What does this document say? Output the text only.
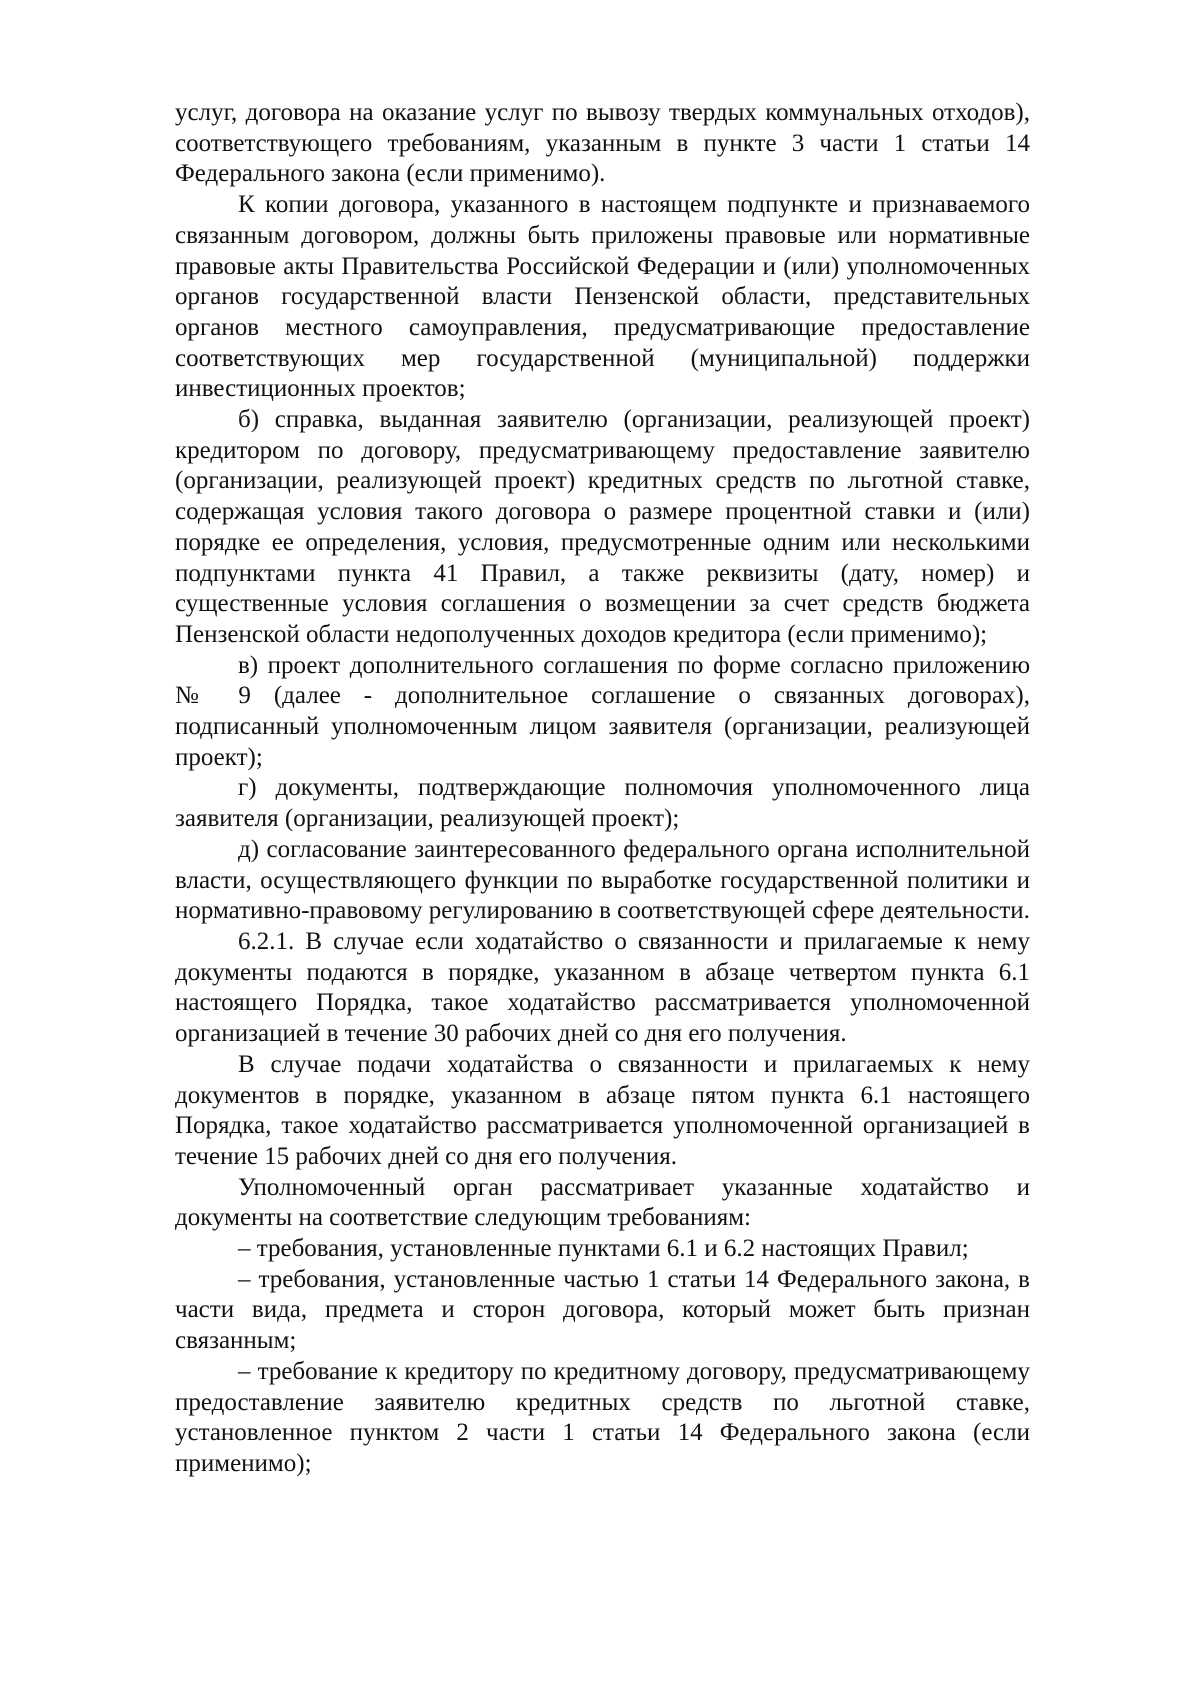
услуг, договора на оказание услуг по вывозу твердых коммунальных отходов), соответствующего требованиям, указанным в пункте 3 части 1 статьи 14 Федерального закона (если применимо).

К копии договора, указанного в настоящем подпункте и признаваемого связанным договором, должны быть приложены правовые или нормативные правовые акты Правительства Российской Федерации и (или) уполномоченных органов государственной власти Пензенской области, представительных органов местного самоуправления, предусматривающие предоставление соответствующих мер государственной (муниципальной) поддержки инвестиционных проектов;

б) справка, выданная заявителю (организации, реализующей проект) кредитором по договору, предусматривающему предоставление заявителю (организации, реализующей проект) кредитных средств по льготной ставке, содержащая условия такого договора о размере процентной ставки и (или) порядке ее определения, условия, предусмотренные одним или несколькими подпунктами пункта 41 Правил, а также реквизиты (дату, номер) и существенные условия соглашения о возмещении за счет средств бюджета Пензенской области недополученных доходов кредитора (если применимо);

в) проект дополнительного соглашения по форме согласно приложению № 9 (далее - дополнительное соглашение о связанных договорах), подписанный уполномоченным лицом заявителя (организации, реализующей проект);

г) документы, подтверждающие полномочия уполномоченного лица заявителя (организации, реализующей проект);

д) согласование заинтересованного федерального органа исполнительной власти, осуществляющего функции по выработке государственной политики и нормативно-правовому регулированию в соответствующей сфере деятельности.

6.2.1. В случае если ходатайство о связанности и прилагаемые к нему документы подаются в порядке, указанном в абзаце четвертом пункта 6.1 настоящего Порядка, такое ходатайство рассматривается уполномоченной организацией в течение 30 рабочих дней со дня его получения.

В случае подачи ходатайства о связанности и прилагаемых к нему документов в порядке, указанном в абзаце пятом пункта 6.1 настоящего Порядка, такое ходатайство рассматривается уполномоченной организацией в течение 15 рабочих дней со дня его получения.

Уполномоченный орган рассматривает указанные ходатайство и документы на соответствие следующим требованиям:

– требования, установленные пунктами 6.1 и 6.2 настоящих Правил;

– требования, установленные частью 1 статьи 14 Федерального закона, в части вида, предмета и сторон договора, который может быть признан связанным;

– требование к кредитору по кредитному договору, предусматривающему предоставление заявителю кредитных средств по льготной ставке, установленное пунктом 2 части 1 статьи 14 Федерального закона (если применимо);
